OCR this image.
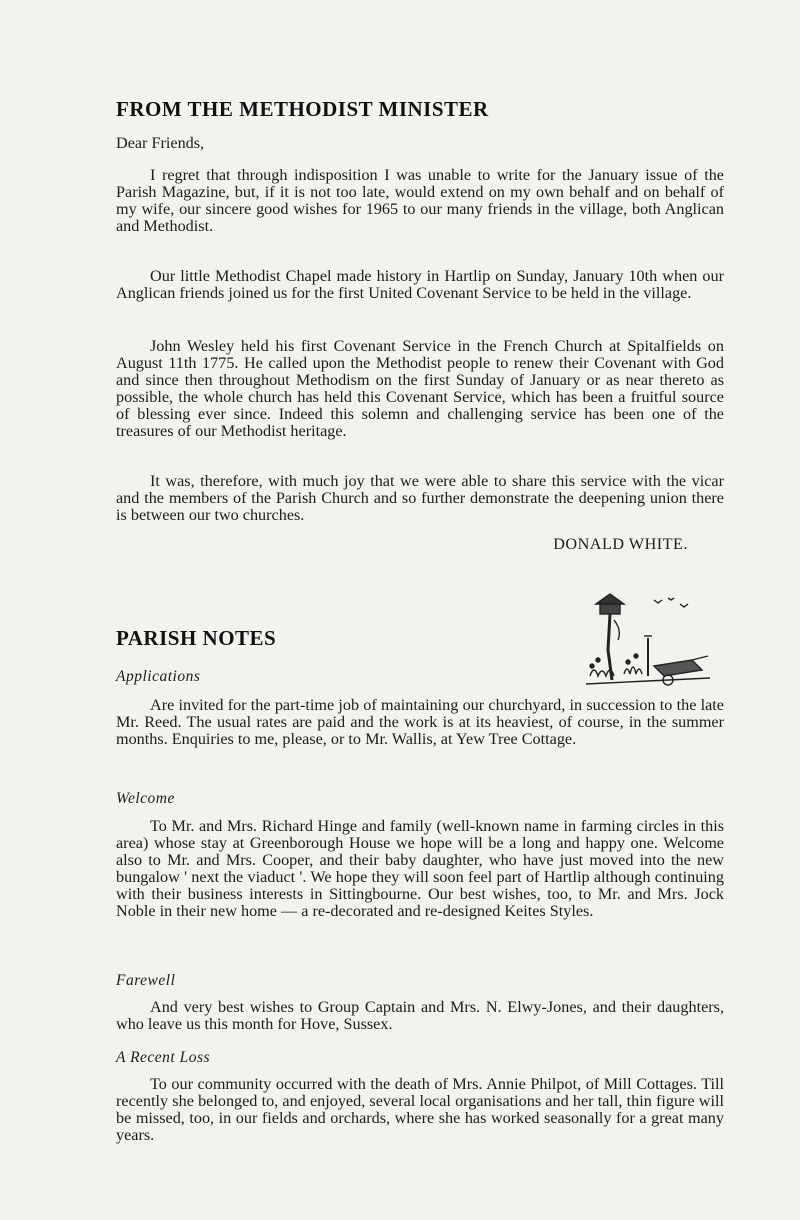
FROM THE METHODIST MINISTER

Dear Friends,

I regret that through indisposition I was unable to write for the January issue of the Parish Magazine, but, if it is not too late, would extend on my own behalf and on behalf of my wife, our sincere good wishes for 1965 to our many friends in the village, both Anglican and Methodist.

Our little Methodist Chapel made history in Hartlip on Sunday, January 10th when our Anglican friends joined us for the first United Covenant Service to be held in the village.

John Wesley held his first Covenant Service in the French Church at Spitalfields on August 11th 1775. He called upon the Methodist people to renew their Covenant with God and since then throughout Methodism on the first Sunday of January or as near thereto as possible, the whole church has held this Covenant Service, which has been a fruitful source of blessing ever since. Indeed this solemn and challenging service has been one of the treasures of our Methodist heritage.

It was, therefore, with much joy that we were able to share this service with the vicar and the members of the Parish Church and so further demonstrate the deepening union there is between our two churches.

DONALD WHITE.

PARISH NOTES
Applications

Are invited for the part-time job of maintaining our churchyard, in succession to the late Mr. Reed. The usual rates are paid and the work is at its heaviest, of course, in the summer months. Enquiries to me, please, or to Mr. Wallis, at Yew Tree Cottage.

Welcome

To Mr. and Mrs. Richard Hinge and family (well-known name in farming circles in this area) whose stay at Greenborough House we hope will be a long and happy one. Welcome also to Mr. and Mrs. Cooper, and their baby daughter, who have just moved into the new bungalow ' next the viaduct '. We hope they will soon feel part of Hartlip although continuing with their business interests in Sittingbourne. Our best wishes, too, to Mr. and Mrs. Jock Noble in their new home — a re-decorated and re-designed Keites Styles.

Farewell

And very best wishes to Group Captain and Mrs. N. Elwy-Jones, and their daughters, who leave us this month for Hove, Sussex.

A Recent Loss

To our community occurred with the death of Mrs. Annie Philpot, of Mill Cottages. Till recently she belonged to, and enjoyed, several local organisations and her tall, thin figure will be missed, too, in our fields and orchards, where she has worked seasonally for a great many years.
